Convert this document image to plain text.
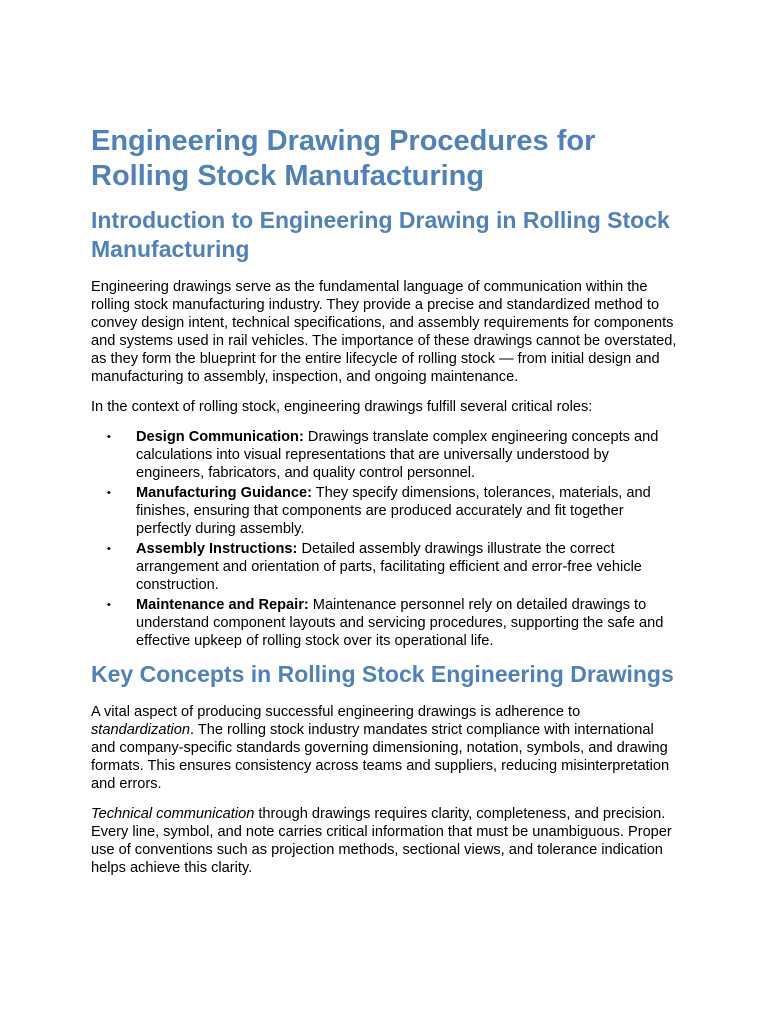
Engineering Drawing Procedures for Rolling Stock Manufacturing
Introduction to Engineering Drawing in Rolling Stock Manufacturing

Engineering drawings serve as the fundamental language of communication within the rolling stock manufacturing industry. They provide a precise and standardized method to convey design intent, technical specifications, and assembly requirements for components and systems used in rail vehicles. The importance of these drawings cannot be overstated, as they form the blueprint for the entire lifecycle of rolling stock — from initial design and manufacturing to assembly, inspection, and ongoing maintenance.

In the context of rolling stock, engineering drawings fulfill several critical roles:

• Design Communication: Drawings translate complex engineering concepts and calculations into visual representations that are universally understood by engineers, fabricators, and quality control personnel.
• Manufacturing Guidance: They specify dimensions, tolerances, materials, and finishes, ensuring that components are produced accurately and fit together perfectly during assembly.
• Assembly Instructions: Detailed assembly drawings illustrate the correct arrangement and orientation of parts, facilitating efficient and error-free vehicle construction.
• Maintenance and Repair: Maintenance personnel rely on detailed drawings to understand component layouts and servicing procedures, supporting the safe and effective upkeep of rolling stock over its operational life.
Key Concepts in Rolling Stock Engineering Drawings

A vital aspect of producing successful engineering drawings is adherence to standardization. The rolling stock industry mandates strict compliance with international and company-specific standards governing dimensioning, notation, symbols, and drawing formats. This ensures consistency across teams and suppliers, reducing misinterpretation and errors.

Technical communication through drawings requires clarity, completeness, and precision. Every line, symbol, and note carries critical information that must be unambiguous. Proper use of conventions such as projection methods, sectional views, and tolerance indication helps achieve this clarity.
